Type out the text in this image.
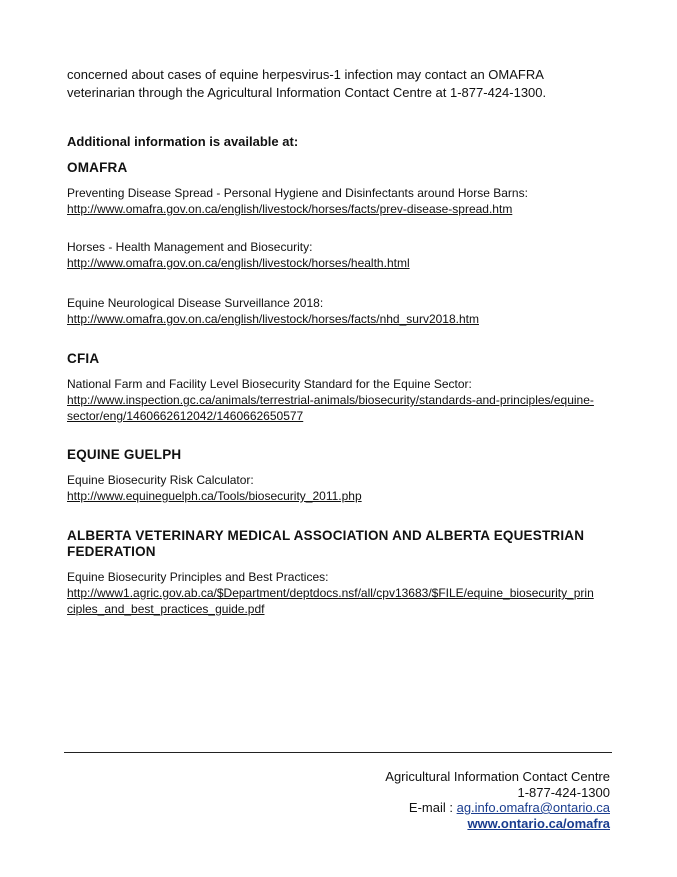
concerned about cases of equine herpesvirus-1 infection may contact an OMAFRA
veterinarian through the Agricultural Information Contact Centre at 1-877-424-1300.
Additional information is available at:
OMAFRA
Preventing Disease Spread - Personal Hygiene and Disinfectants around Horse Barns:
http://www.omafra.gov.on.ca/english/livestock/horses/facts/prev-disease-spread.htm
Horses - Health Management and Biosecurity:
http://www.omafra.gov.on.ca/english/livestock/horses/health.html
Equine Neurological Disease Surveillance 2018:
http://www.omafra.gov.on.ca/english/livestock/horses/facts/nhd_surv2018.htm
CFIA
National Farm and Facility Level Biosecurity Standard for the Equine Sector:
http://www.inspection.gc.ca/animals/terrestrial-animals/biosecurity/standards-and-principles/equine-
sector/eng/1460662612042/1460662650577
EQUINE GUELPH
Equine Biosecurity Risk Calculator:
http://www.equineguelph.ca/Tools/biosecurity_2011.php
ALBERTA VETERINARY MEDICAL ASSOCIATION AND ALBERTA EQUESTRIAN
FEDERATION
Equine Biosecurity Principles and Best Practices:
http://www1.agric.gov.ab.ca/$Department/deptdocs.nsf/all/cpv13683/$FILE/equine_biosecurity_prin
ciples_and_best_practices_guide.pdf
Agricultural Information Contact Centre
1-877-424-1300
E-mail : ag.info.omafra@ontario.ca
www.ontario.ca/omafra
